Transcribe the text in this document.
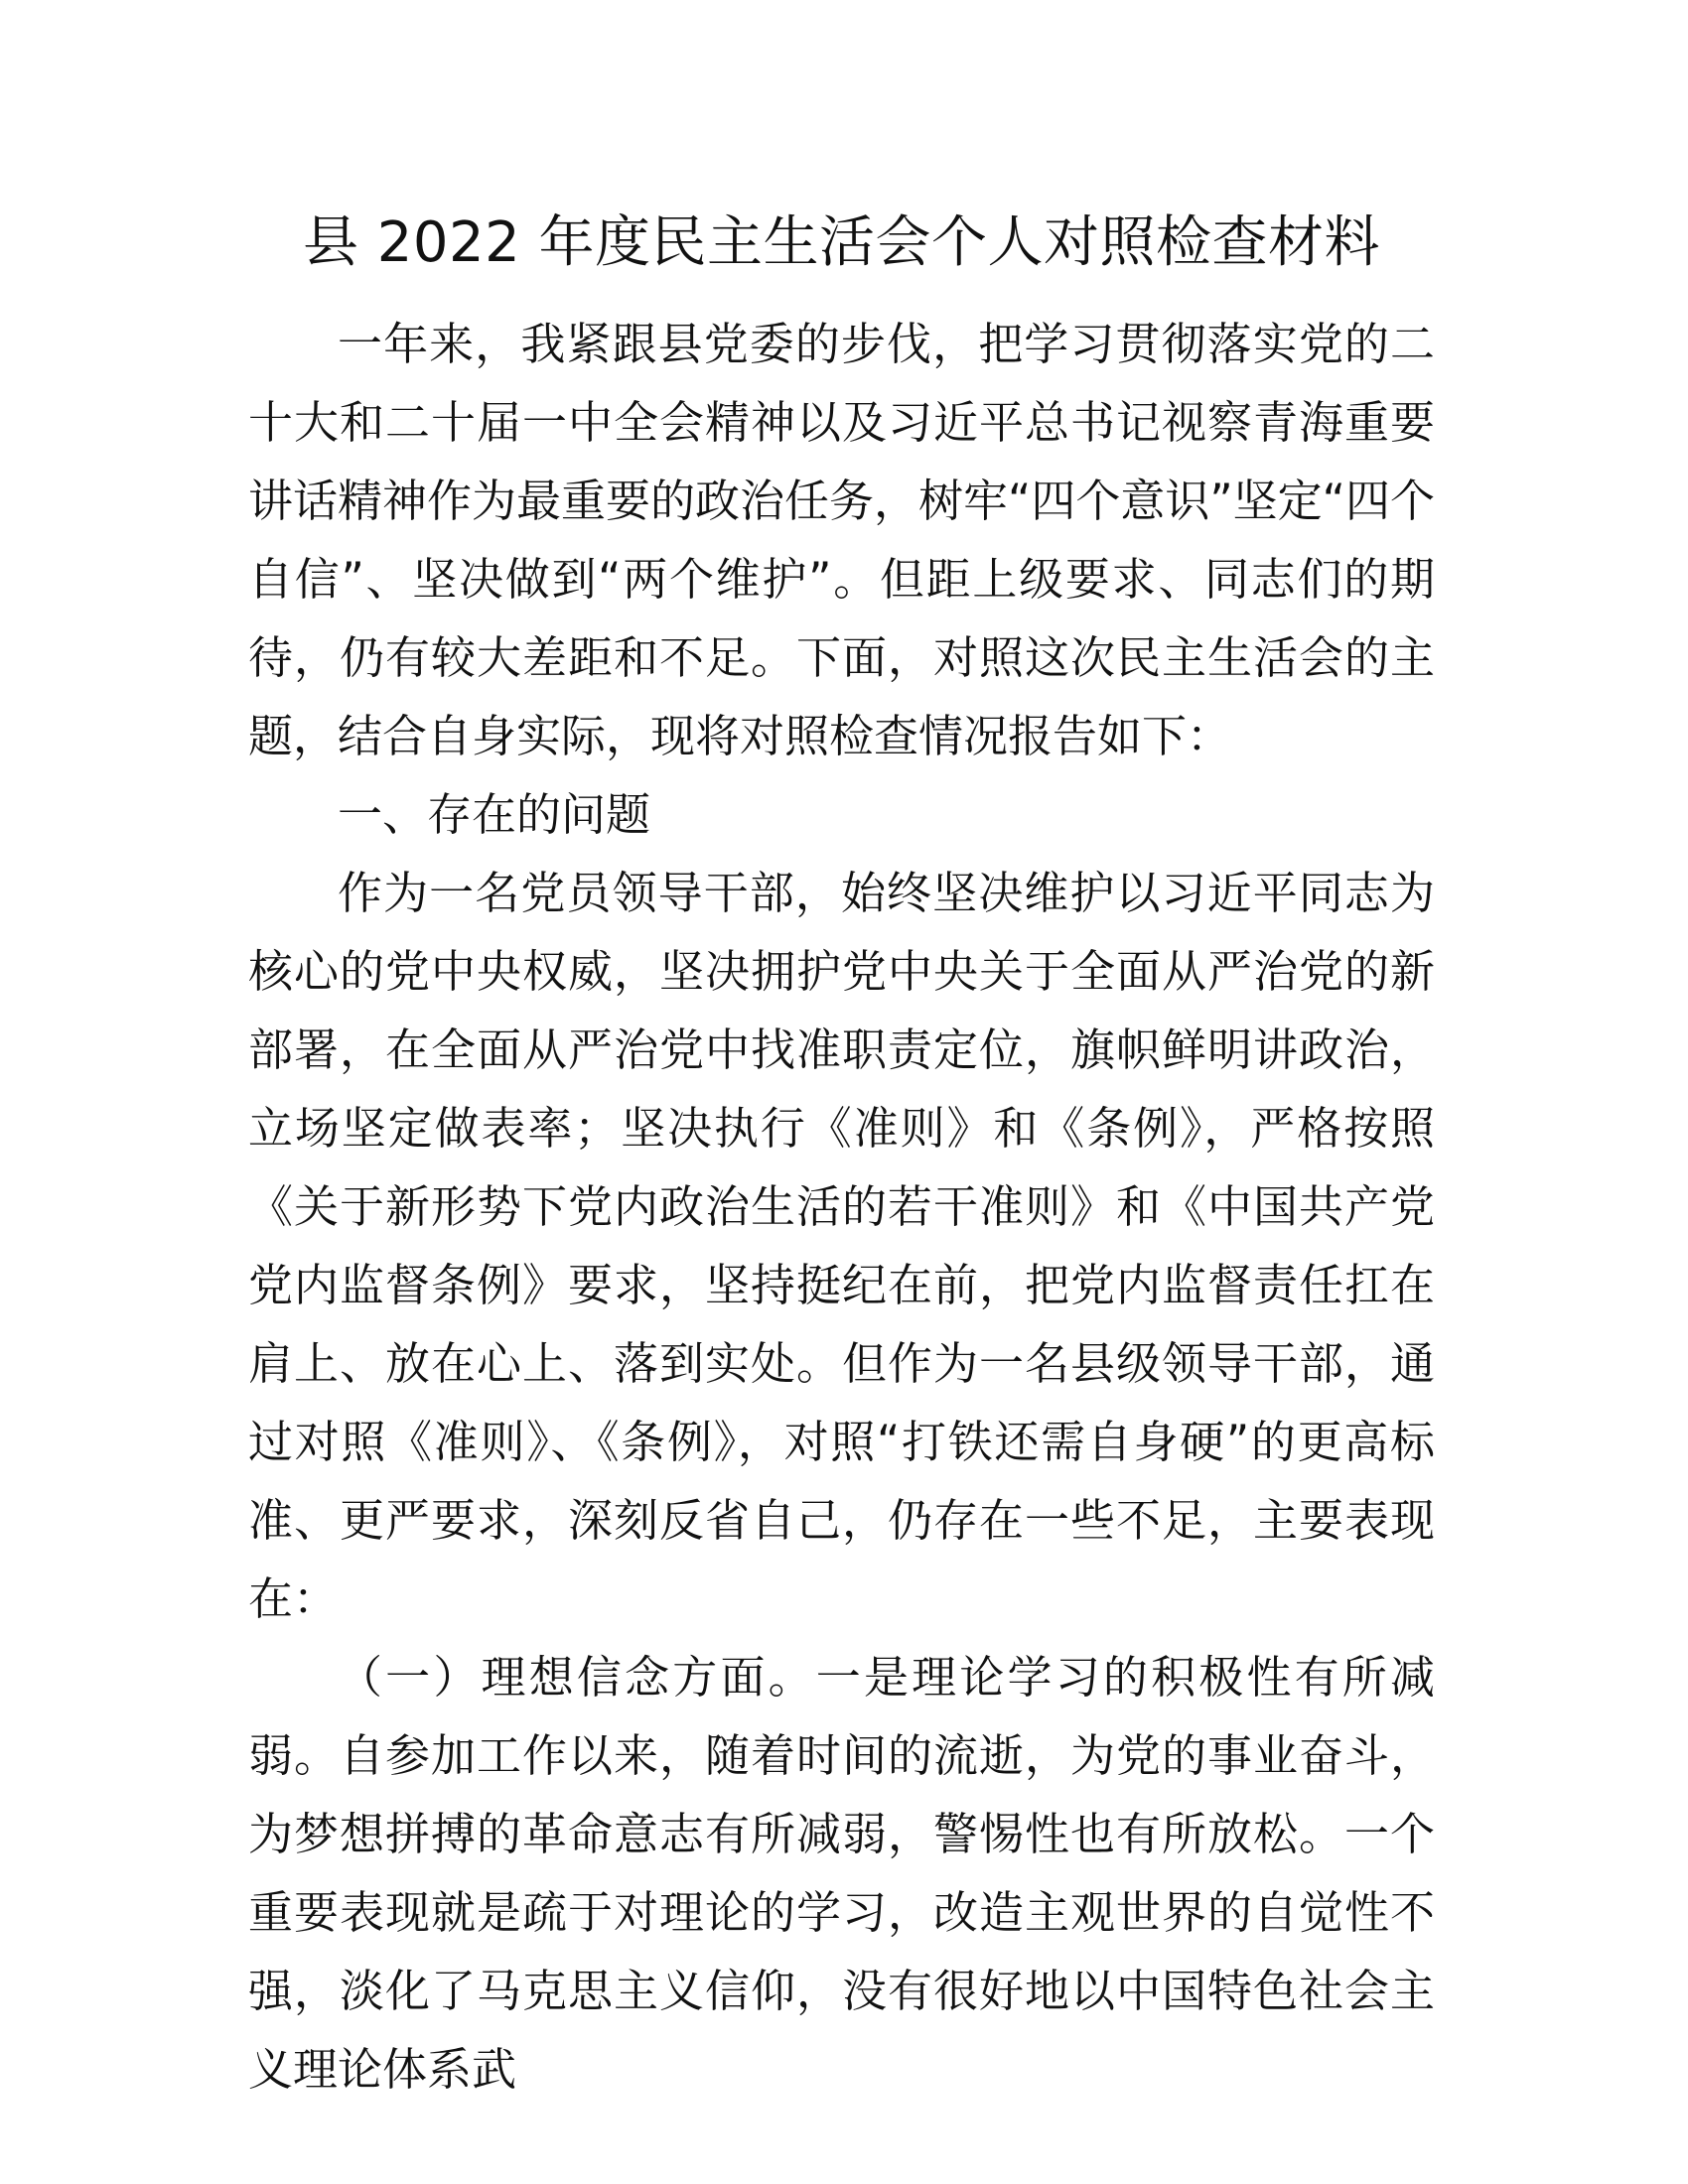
县 2022 年度民主生活会个人对照检查材料

一年来，我紧跟县党委的步伐，把学习贯彻落实党的二十大和二十届一中全会精神以及习近平总书记视察青海重要讲话精神作为最重要的政治任务，树牢“四个意识”坚定“四个自信”、坚决做到“两个维护”。但距上级要求、同志们的期待，仍有较大差距和不足。下面，对照这次民主生活会的主题，结合自身实际，现将对照检查情况报告如下：

一、存在的问题

作为一名党员领导干部，始终坚决维护以习近平同志为核心的党中央权威，坚决拥护党中央关于全面从严治党的新部署，在全面从严治党中找准职责定位，旗帜鲜明讲政治，立场坚定做表率；坚决执行《准则》和《条例》，严格按照《关于新形势下党内政治生活的若干准则》和《中国共产党党内监督条例》要求，坚持挺纪在前，把党内监督责任扛在肩上、放在心上、落到实处。但作为一名县级领导干部，通过对照《准则》、《条例》，对照“打铁还需自身硬”的更高标准、更严要求，深刻反省自己，仍存在一些不足，主要表现在：

（一）理想信念方面。一是理论学习的积极性有所减弱。自参加工作以来，随着时间的流逝，为党的事业奋斗，为梦想拼搏的革命意志有所减弱，警惕性也有所放松。一个重要表现就是疏于对理论的学习，改造主观世界的自觉性不强，淡化了马克思主义信仰，没有很好地以中国特色社会主义理论体系武
